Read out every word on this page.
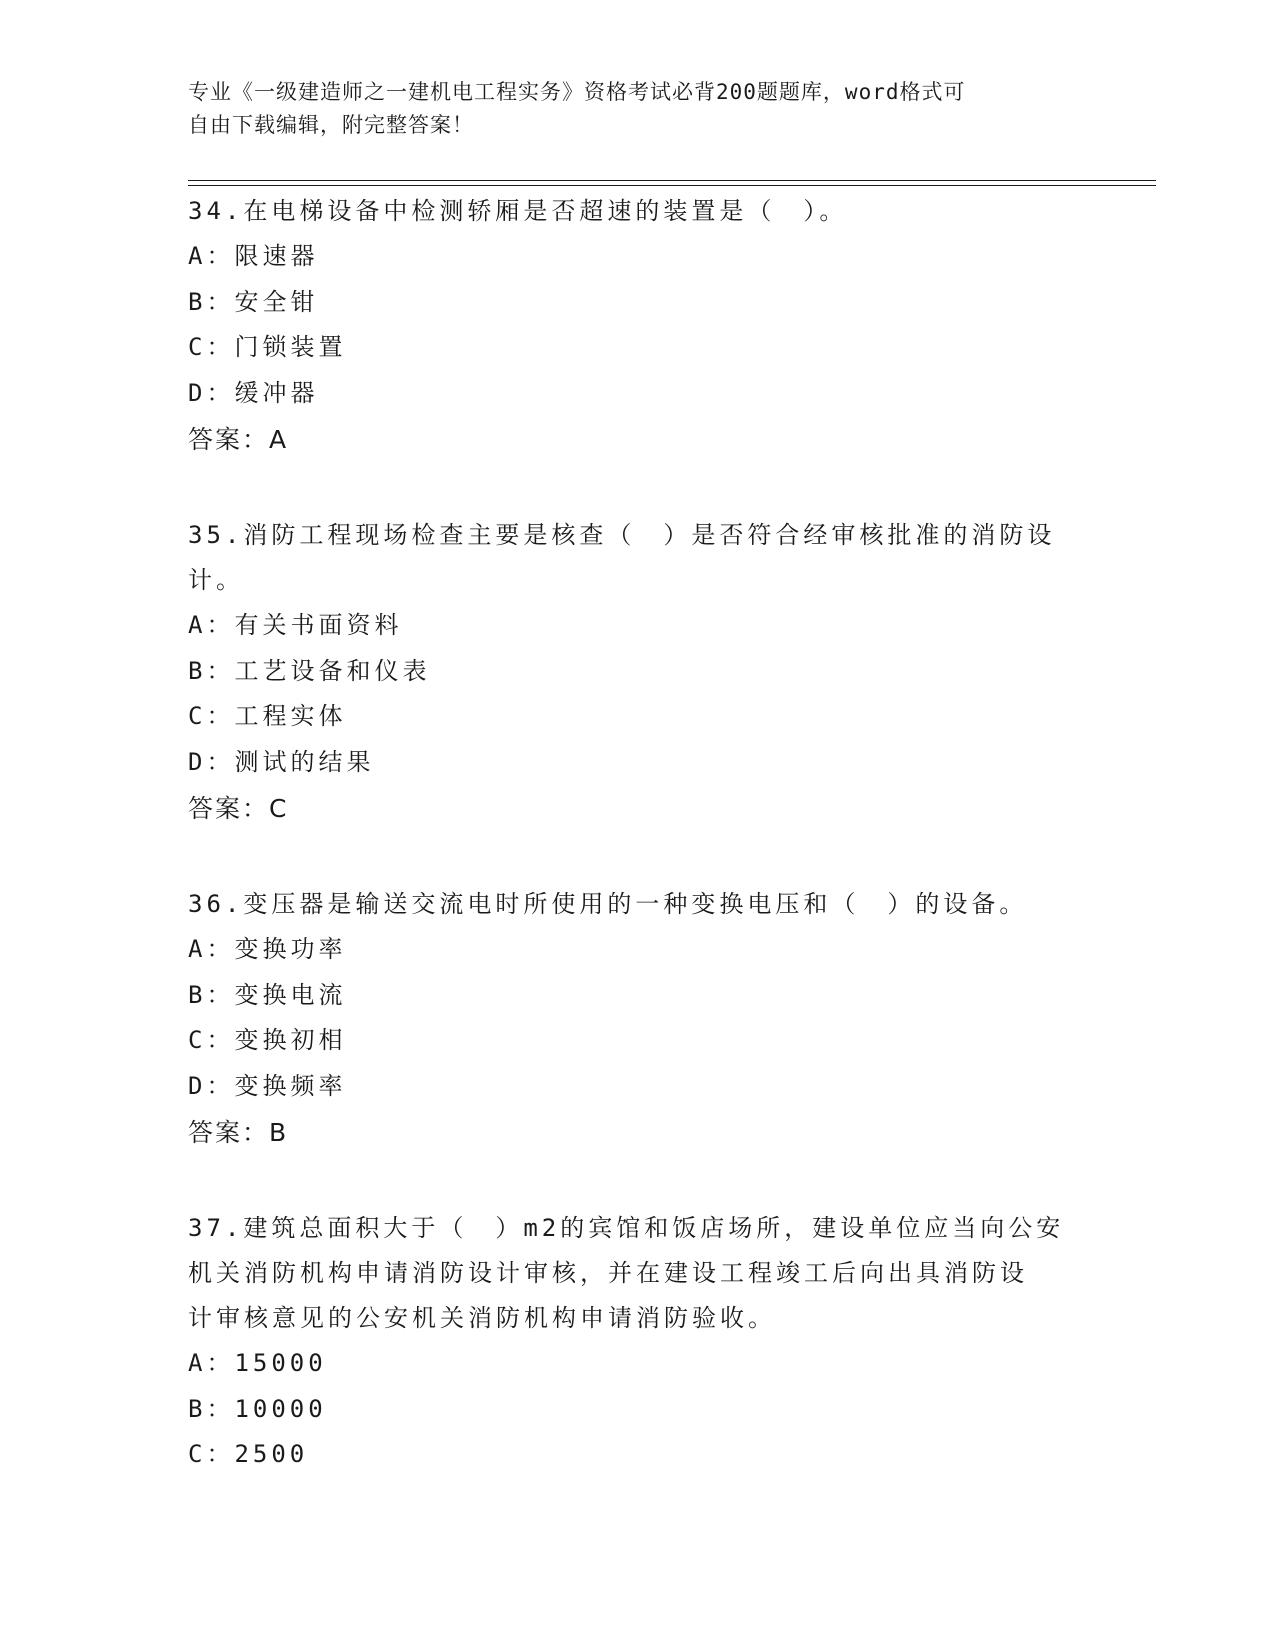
专业《一级建造师之一建机电工程实务》资格考试必背200题题库，word格式可
自由下载编辑，附完整答案！
34.在电梯设备中检测轿厢是否超速的装置是（　）。
A：限速器
B：安全钳
C：门锁装置
D：缓冲器
答案：A
35.消防工程现场检查主要是核查（　）是否符合经审核批准的消防设
计。
A：有关书面资料
B：工艺设备和仪表
C：工程实体
D：测试的结果
答案：C
36.变压器是输送交流电时所使用的一种变换电压和（　）的设备。
A：变换功率
B：变换电流
C：变换初相
D：变换频率
答案：B
37.建筑总面积大于（　）m2的宾馆和饭店场所，建设单位应当向公安
机关消防机构申请消防设计审核，并在建设工程竣工后向出具消防设
计审核意见的公安机关消防机构申请消防验收。
A：15000
B：10000
C：2500
